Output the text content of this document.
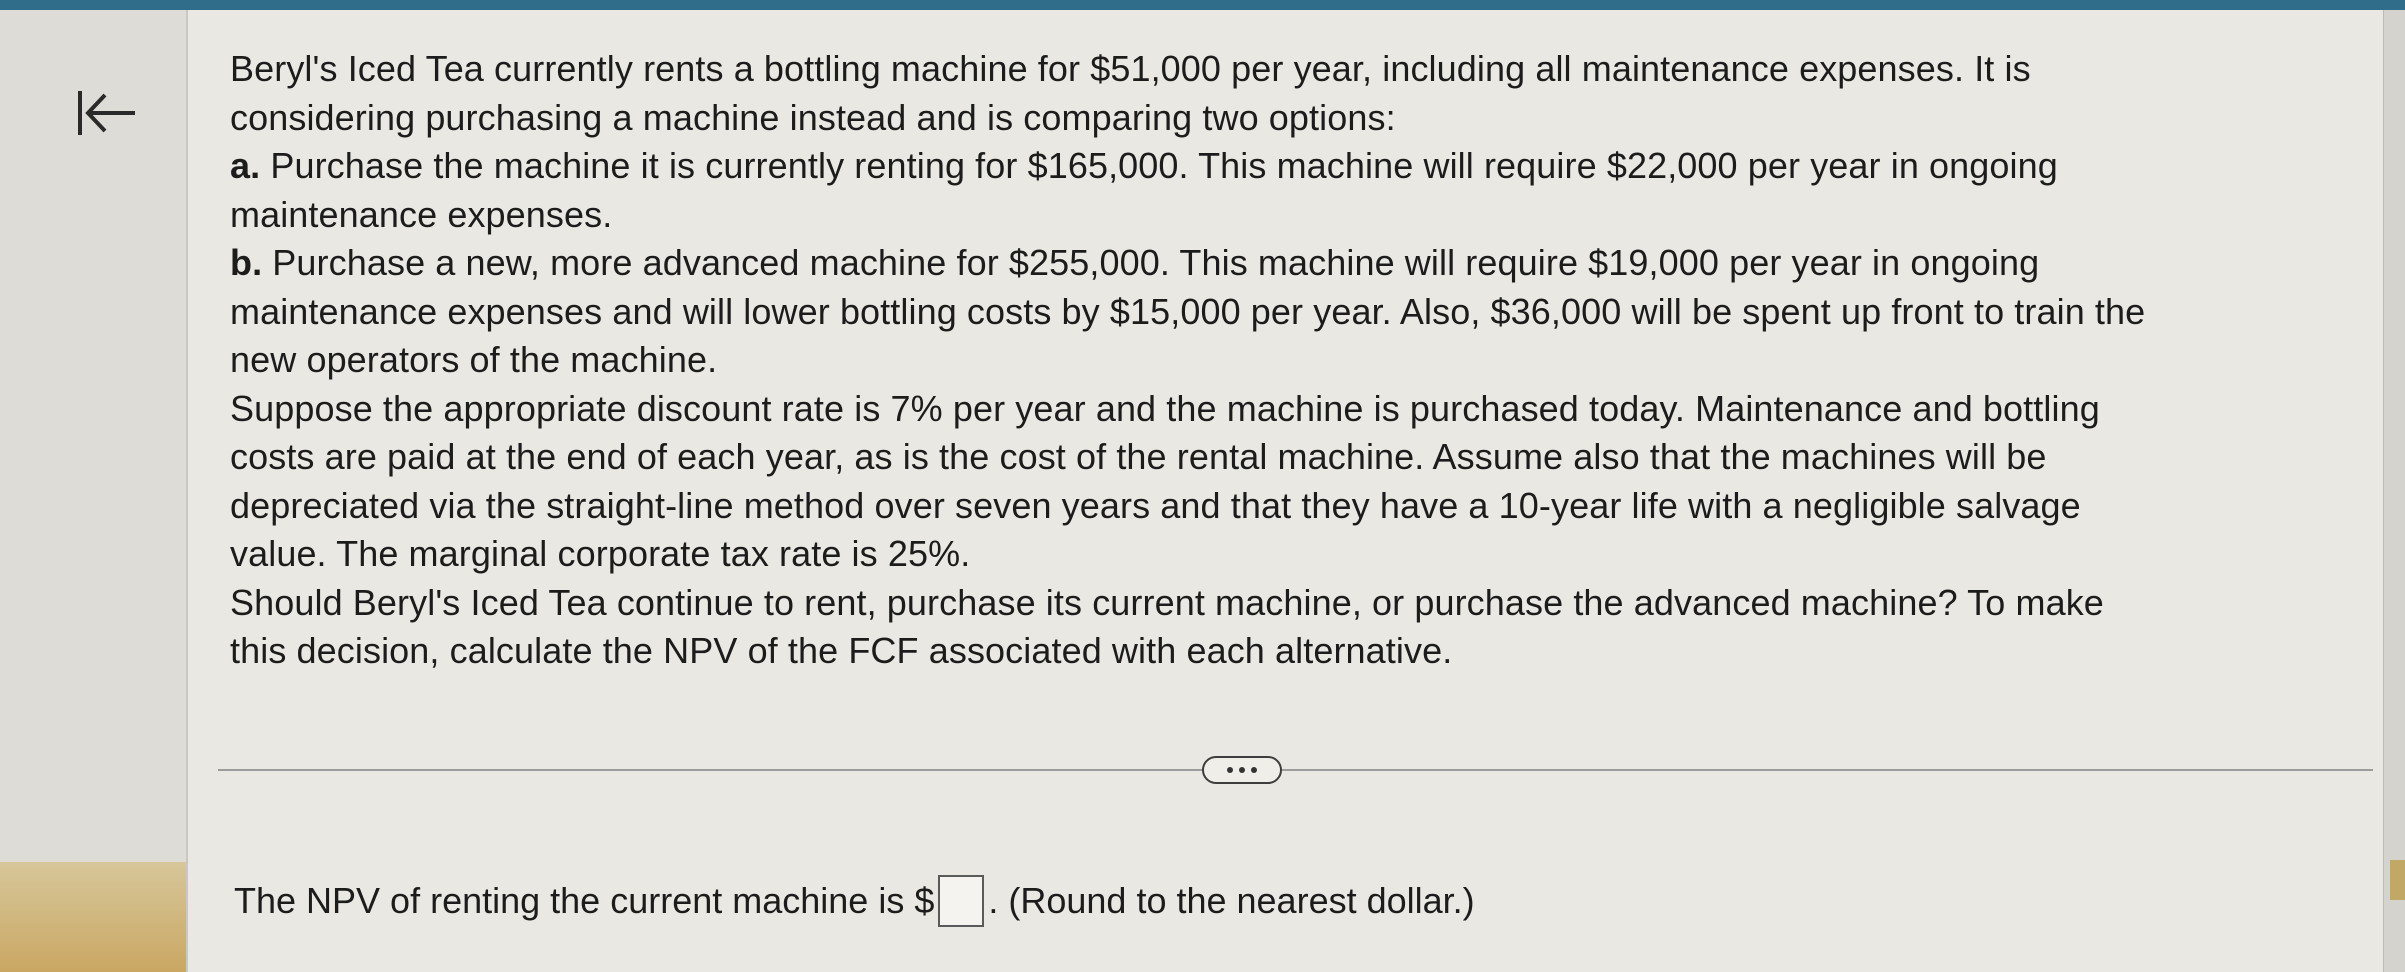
Beryl's Iced Tea currently rents a bottling machine for $51,000 per year, including all maintenance expenses. It is

considering purchasing a machine instead and is comparing two options:

a. Purchase the machine it is currently renting for $165,000. This machine will require $22,000 per year in ongoing

maintenance expenses.

b. Purchase a new, more advanced machine for $255,000. This machine will require $19,000 per year in ongoing

maintenance expenses and will lower bottling costs by $15,000 per year. Also, $36,000 will be spent up front to train the

new operators of the machine.

Suppose the appropriate discount rate is 7% per year and the machine is purchased today. Maintenance and bottling

costs are paid at the end of each year, as is the cost of the rental machine. Assume also that the machines will be

depreciated via the straight-line method over seven years and that they have a 10-year life with a negligible salvage

value. The marginal corporate tax rate is 25%.

Should Beryl's Iced Tea continue to rent, purchase its current machine, or purchase the advanced machine? To make

this decision, calculate the NPV of the FCF associated with each alternative.

The NPV of renting the current machine is $ . (Round to the nearest dollar.)
